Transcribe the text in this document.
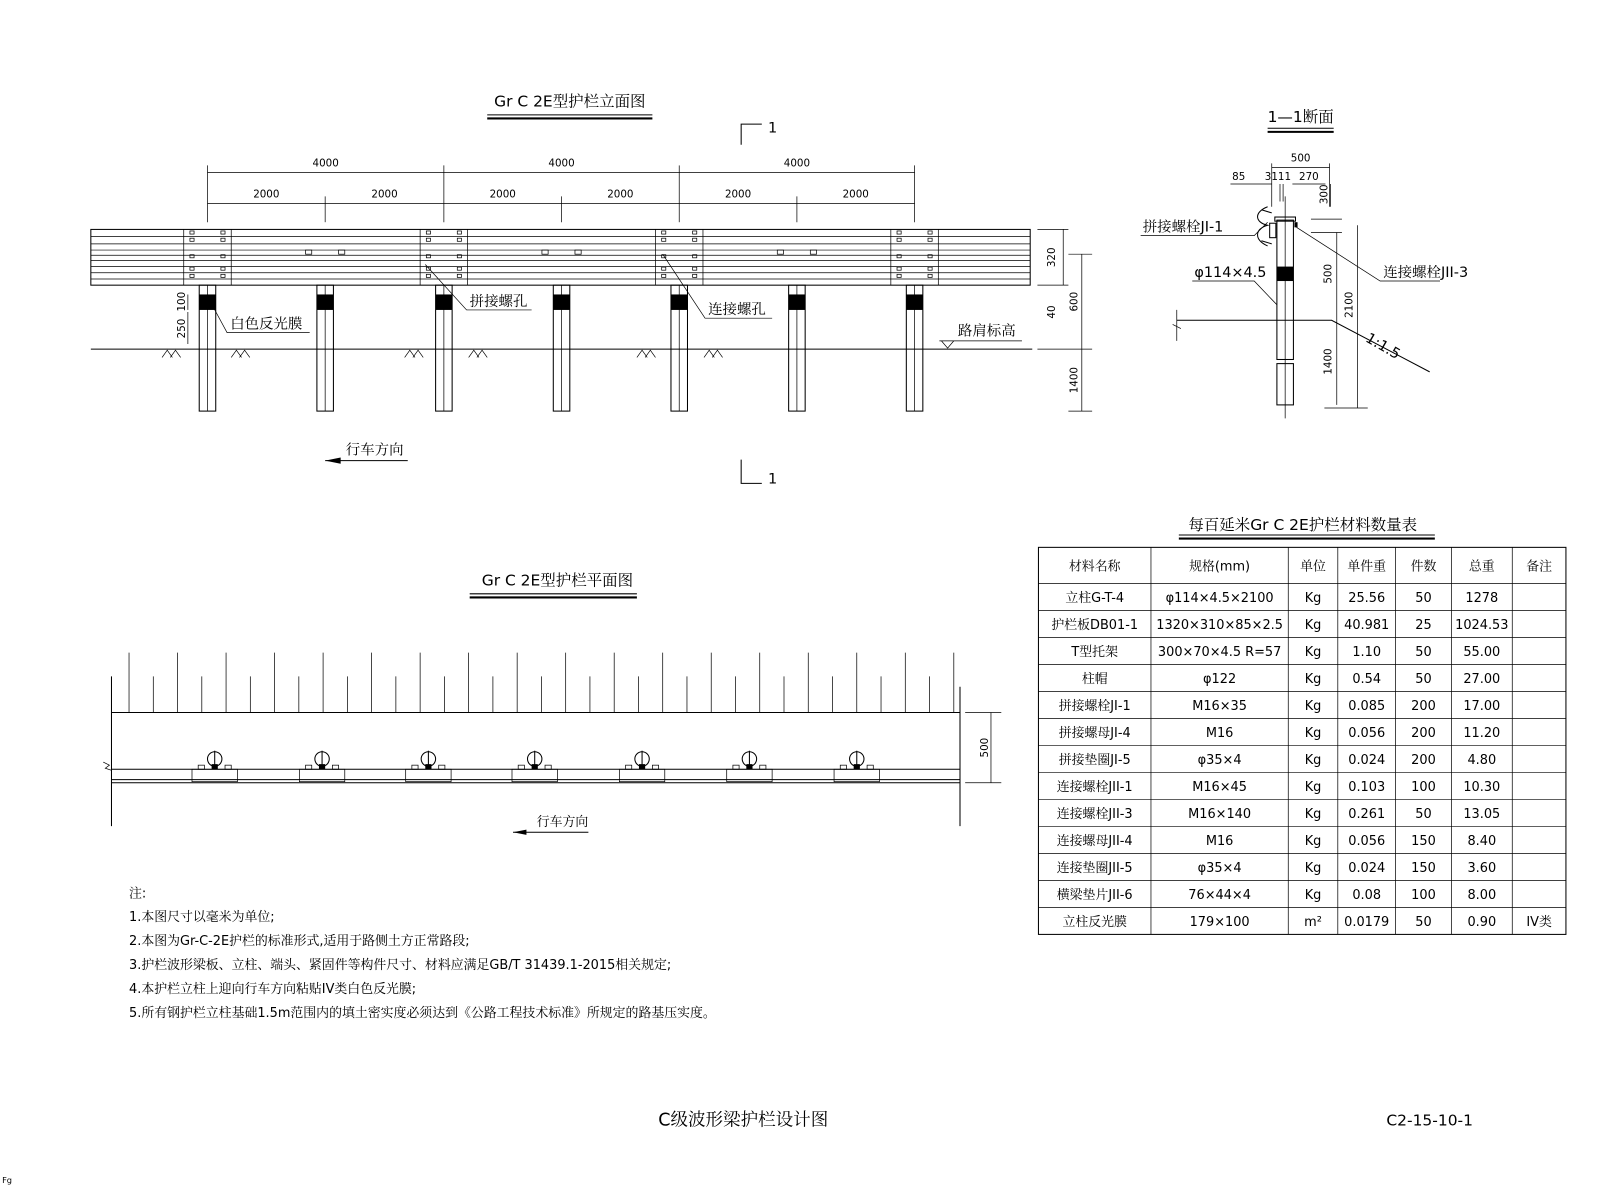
Gr C 2E型护栏立面图
1
1
4000	4000	4000
2000	2000	2000	2000	2000	2000
白色反光膜
拼接螺孔
连接螺孔
路肩标高
100
250
320
600
40
1400
行车方向
1—1断面
500
85 3111 270
300
拼接螺栓JI-1
连接螺栓JII-3
φ114×4.5
1:1.5
500
2100
1400
Gr C 2E型护栏平面图
500
行车方向
注:
1.本图尺寸以毫米为单位;
2.本图为Gr-C-2E护栏的标准形式,适用于路侧土方正常路段;
3.护栏波形梁板、立柱、端头、紧固件等构件尺寸、材料应满足GB/T 31439.1-2015相关规定;
4.本护栏立柱上迎向行车方向粘贴IV类白色反光膜;
5.所有钢护栏立柱基础1.5m范围内的填土密实度必须达到《公路工程技术标准》所规定的路基压实度。
每百延米Gr C 2E护栏材料数量表
材料名称	规格(mm)	单位 单件重 件数	总重	备注
立柱G-T-4	φ114×4.5×2100 Kg 25.56 50	1278
护栏板DB01-1 1320×310×85×2.5 Kg 40.981 25 1024.53
T型托架	300×70×4.5 R=57 Kg 1.10	50	55.00
柱帽	φ122	Kg 0.54	50	27.00
拼接螺栓JI-1	M16×35	Kg 0.085 200 17.00
拼接螺母JI-4	M16	Kg 0.056 200 11.20
拼接垫圈JI-5	φ35×4	Kg 0.024 200	4.80
连接螺栓JII-1	M16×45	Kg 0.103 100 10.30
连接螺栓JII-3	M16×140	Kg 0.261 50	13.05
连接螺母JII-4	M16	Kg 0.056 150	8.40
连接垫圈JII-5	φ35×4	Kg 0.024 150	3.60
横梁垫片JII-6	76×44×4	Kg 0.08 100	8.00
立柱反光膜	179×100	m² 0.0179 50	0.90 IV类
C级波形梁护栏设计图	C2-15-10-1
Fg
